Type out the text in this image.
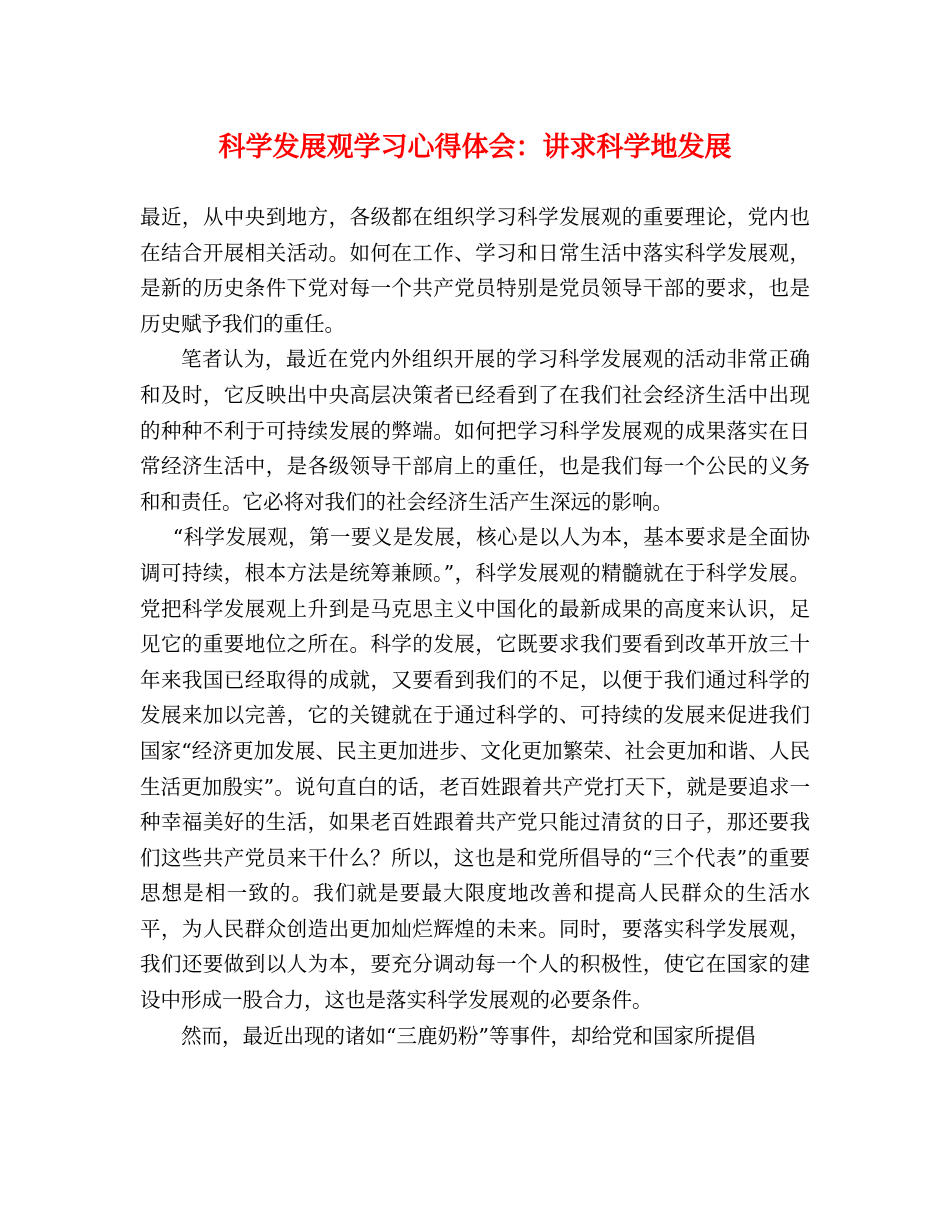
科学发展观学习心得体会：讲求科学地发展

最近，从中央到地方，各级都在组织学习科学发展观的重要理论，党内也在结合开展相关活动。如何在工作、学习和日常生活中落实科学发展观，是新的历史条件下党对每一个共产党员特别是党员领导干部的要求，也是历史赋予我们的重任。

笔者认为，最近在党内外组织开展的学习科学发展观的活动非常正确和及时，它反映出中央高层决策者已经看到了在我们社会经济生活中出现的种种不利于可持续发展的弊端。如何把学习科学发展观的成果落实在日常经济生活中，是各级领导干部肩上的重任，也是我们每一个公民的义务和和责任。它必将对我们的社会经济生活产生深远的影响。

“科学发展观，第一要义是发展，核心是以人为本，基本要求是全面协调可持续，根本方法是统筹兼顾。”，科学发展观的精髓就在于科学发展。党把科学发展观上升到是马克思主义中国化的最新成果的高度来认识，足见它的重要地位之所在。科学的发展，它既要求我们要看到改革开放三十年来我国已经取得的成就，又要看到我们的不足，以便于我们通过科学的发展来加以完善，它的关键就在于通过科学的、可持续的发展来促进我们国家“经济更加发展、民主更加进步、文化更加繁荣、社会更加和谐、人民生活更加殷实”。说句直白的话，老百姓跟着共产党打天下，就是要追求一种幸福美好的生活，如果老百姓跟着共产党只能过清贫的日子，那还要我们这些共产党员来干什么？所以，这也是和党所倡导的“三个代表”的重要思想是相一致的。我们就是要最大限度地改善和提高人民群众的生活水平，为人民群众创造出更加灿烂辉煌的未来。同时，要落实科学发展观，我们还要做到以人为本，要充分调动每一个人的积极性，使它在国家的建设中形成一股合力，这也是落实科学发展观的必要条件。

然而，最近出现的诸如“三鹿奶粉”等事件，却给党和国家所提倡
